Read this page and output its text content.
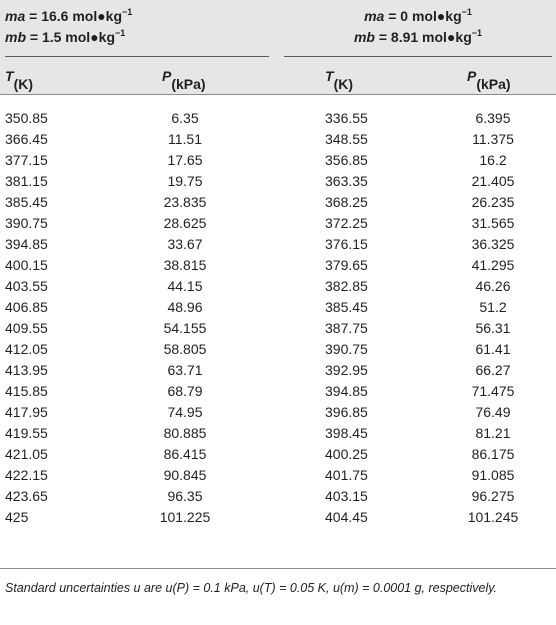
ma = 16.6 $mol●kg^{-1}$
mb = 1.5 $mol●kg^{-1}$
ma = 0 $mol●kg^{-1}$
mb = 8.91 $mol●kg^{-1}$
T (K)	P (kPa)	T (K)	P (kPa)
350.85	6.35	336.55	6.395
366.45	11.51	348.55	11.375
377.15	17.65	356.85	16.2
381.15	19.75	363.35	21.405
385.45	23.835	368.25	26.235
390.75	28.625	372.25	31.565
394.85	33.67	376.15	36.325
400.15	38.815	379.65	41.295
403.55	44.15	382.85	46.26
406.85	48.96	385.45	51.2
409.55	54.155	387.75	56.31
412.05	58.805	390.75	61.41
413.95	63.71	392.95	66.27
415.85	68.79	394.85	71.475
417.95	74.95	396.85	76.49
419.55	80.885	398.45	81.21
421.05	86.415	400.25	86.175
422.15	90.845	401.75	91.085
423.65	96.35	403.15	96.275
425	101.225	404.45	101.245
Standard uncertainties u are u(P) = 0.1 kPa, u(T) = 0.05 K, u(m) = 0.0001 g, respectively.
